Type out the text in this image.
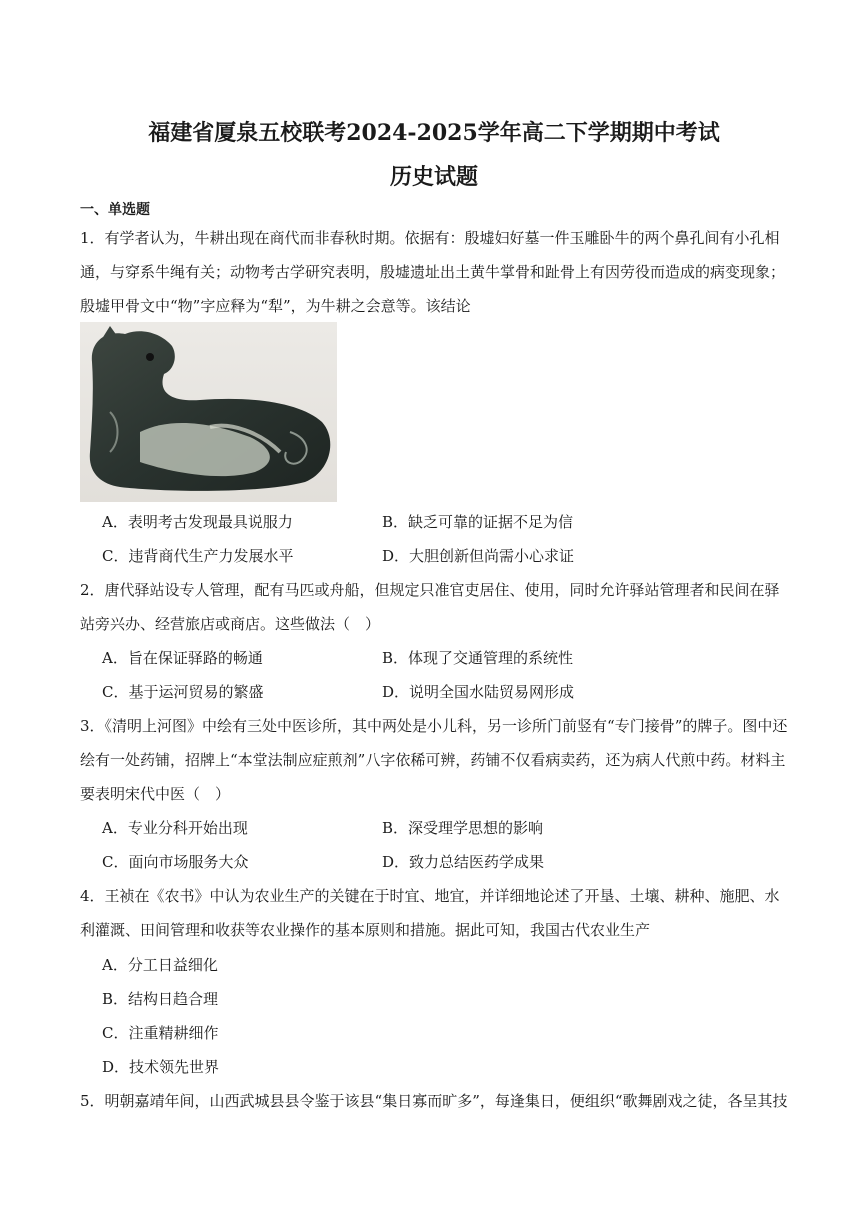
福建省厦泉五校联考2024-2025学年高二下学期期中考试
历史试题
一、单选题
1．有学者认为，牛耕出现在商代而非春秋时期。依据有：殷墟妇好墓一件玉雕卧牛的两个鼻孔间有小孔相
通，与穿系牛绳有关；动物考古学研究表明，殷墟遗址出土黄牛掌骨和趾骨上有因劳役而造成的病变现象；
殷墟甲骨文中“物”字应释为“犁”，为牛耕之会意等。该结论
A．表明考古发现最具说服力	B．缺乏可靠的证据不足为信
C．违背商代生产力发展水平	D．大胆创新但尚需小心求证
2．唐代驿站设专人管理，配有马匹或舟船，但规定只准官吏居住、使用，同时允许驿站管理者和民间在驿
站旁兴办、经营旅店或商店。这些做法（　）
A．旨在保证驿路的畅通	B．体现了交通管理的系统性
C．基于运河贸易的繁盛	D．说明全国水陆贸易网形成
3．《清明上河图》中绘有三处中医诊所，其中两处是小儿科，另一诊所门前竖有“专门接骨”的牌子。图中还
绘有一处药铺，招牌上“本堂法制应症煎剂”八字依稀可辨，药铺不仅看病卖药，还为病人代煎中药。材料主
要表明宋代中医（　）
A．专业分科开始出现	B．深受理学思想的影响
C．面向市场服务大众	D．致力总结医药学成果
4．王祯在《农书》中认为农业生产的关键在于时宜、地宜，并详细地论述了开垦、土壤、耕种、施肥、水
利灌溉、田间管理和收获等农业操作的基本原则和措施。据此可知，我国古代农业生产
A．分工日益细化
B．结构日趋合理
C．注重精耕细作
D．技术领先世界
5．明朝嘉靖年间，山西武城县县令鉴于该县“集日寡而旷多”，每逢集日，便组织“歌舞剧戏之徒，各呈其技
